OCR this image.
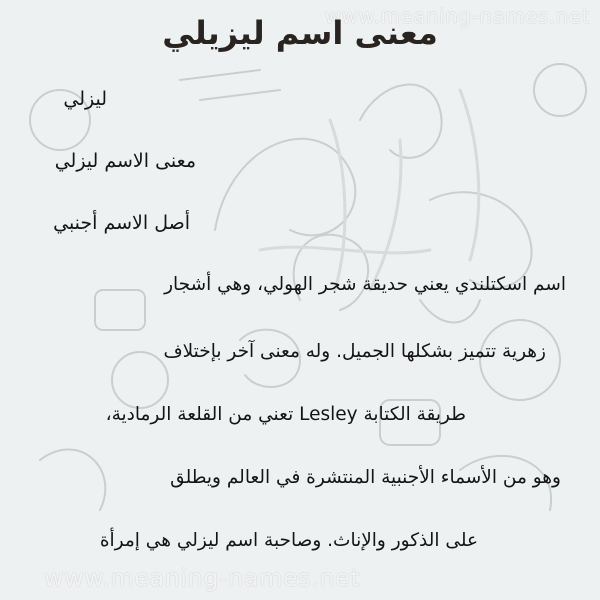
www.meaning-names.net
معنى اسم ليزيلي
ليزلي
معنى الاسم ليزلي
أصل الاسم أجنبي
اسم اسكتلندي يعني حديقة شجر الهولي، وهي أشجار
زهرية تتميز بشكلها الجميل. وله معنى آخر بإختلاف
طريقة الكتابة Lesley تعني من القلعة الرمادية،
وهو من الأسماء الأجنبية المنتشرة في العالم ويطلق
على الذكور والإناث. وصاحبة اسم ليزلي هي إمرأة
www.meaning-names.net
